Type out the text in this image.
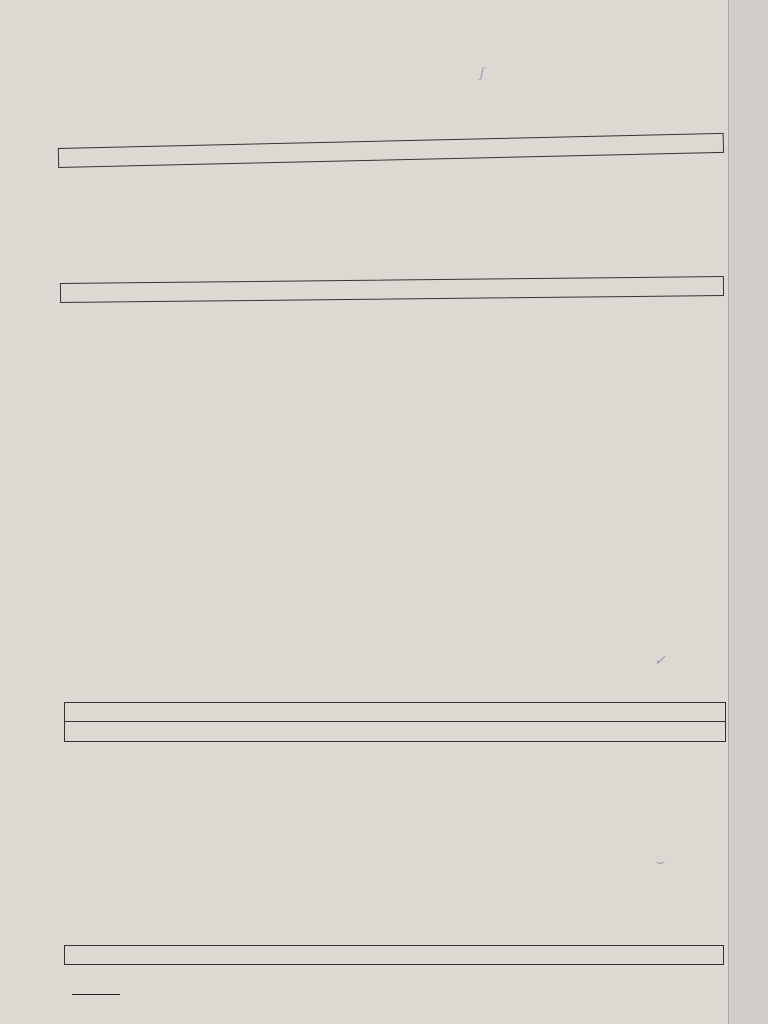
ʃ
✓
⌣
